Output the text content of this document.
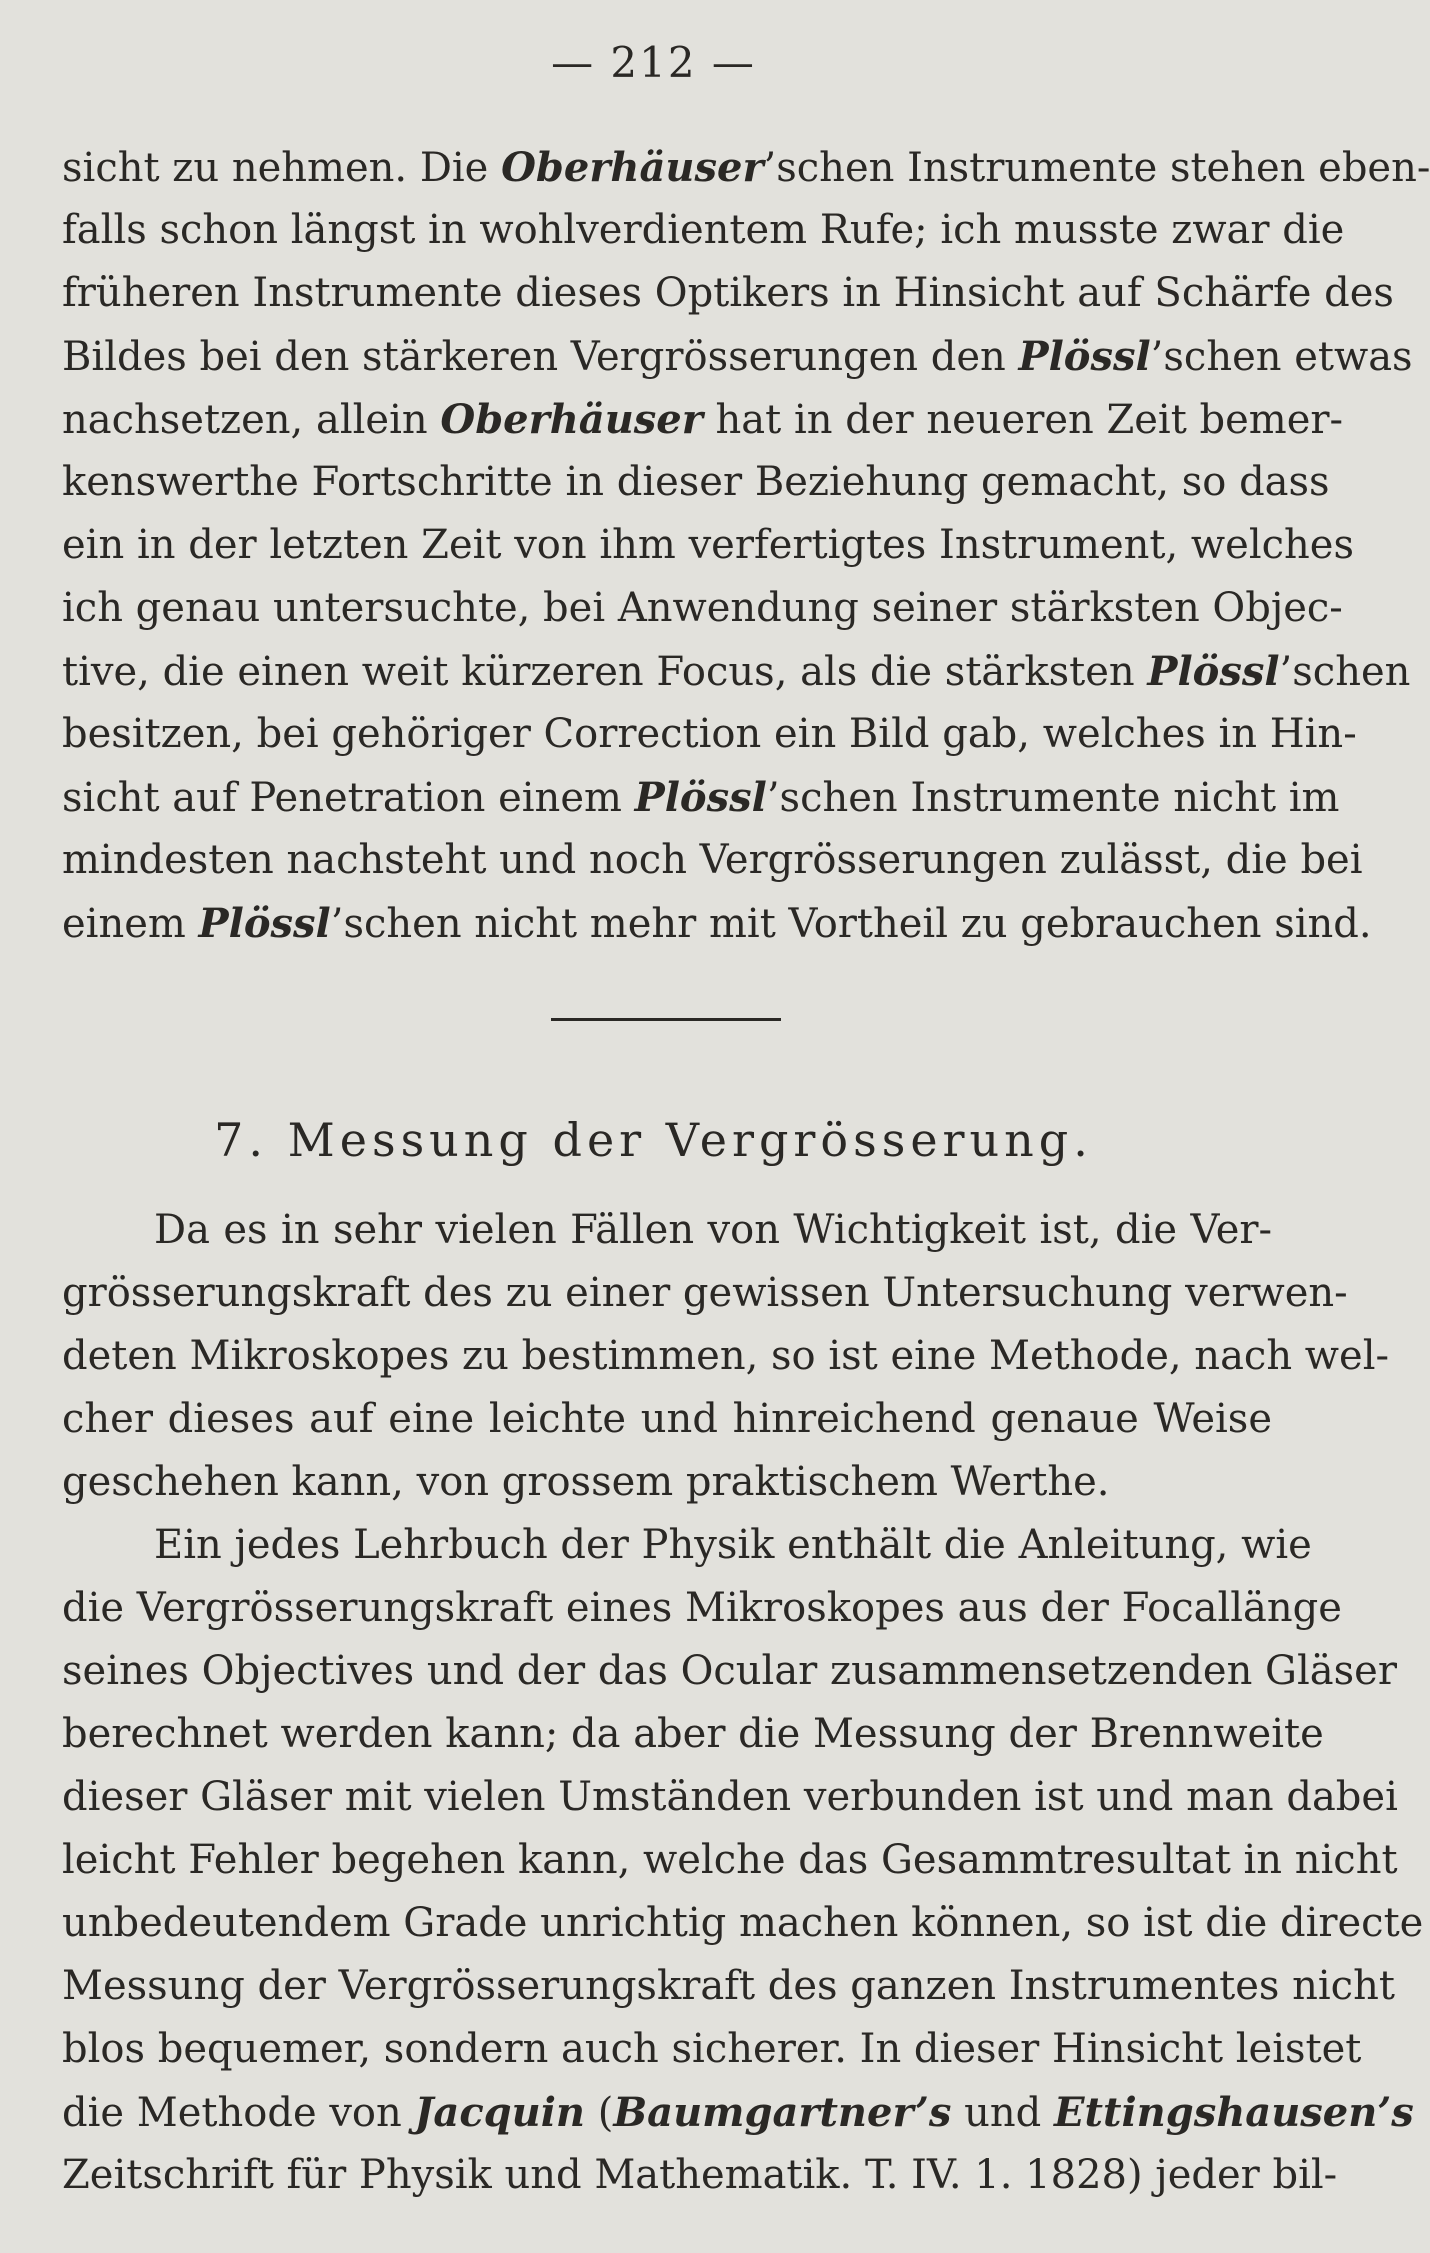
— 212 —
sicht zu nehmen. Die Oberhäuser’schen Instrumente stehen eben-
falls schon längst in wohlverdientem Rufe; ich musste zwar die
früheren Instrumente dieses Optikers in Hinsicht auf Schärfe des
Bildes bei den stärkeren Vergrösserungen den Plössl’schen etwas
nachsetzen, allein Oberhäuser hat in der neueren Zeit bemer-
kenswerthe Fortschritte in dieser Beziehung gemacht, so dass
ein in der letzten Zeit von ihm verfertigtes Instrument, welches
ich genau untersuchte, bei Anwendung seiner stärksten Objec-
tive, die einen weit kürzeren Focus, als die stärksten Plössl’schen
besitzen, bei gehöriger Correction ein Bild gab, welches in Hin-
sicht auf Penetration einem Plössl’schen Instrumente nicht im
mindesten nachsteht und noch Vergrösserungen zulässt, die bei
einem Plössl’schen nicht mehr mit Vortheil zu gebrauchen sind.
7. Messung der Vergrösserung.
Da es in sehr vielen Fällen von Wichtigkeit ist, die Ver-
grösserungskraft des zu einer gewissen Untersuchung verwen-
deten Mikroskopes zu bestimmen, so ist eine Methode, nach wel-
cher dieses auf eine leichte und hinreichend genaue Weise
geschehen kann, von grossem praktischem Werthe.
Ein jedes Lehrbuch der Physik enthält die Anleitung, wie
die Vergrösserungskraft eines Mikroskopes aus der Focallänge
seines Objectives und der das Ocular zusammensetzenden Gläser
berechnet werden kann; da aber die Messung der Brennweite
dieser Gläser mit vielen Umständen verbunden ist und man dabei
leicht Fehler begehen kann, welche das Gesammtresultat in nicht
unbedeutendem Grade unrichtig machen können, so ist die directe
Messung der Vergrösserungskraft des ganzen Instrumentes nicht
blos bequemer, sondern auch sicherer. In dieser Hinsicht leistet
die Methode von Jacquin (Baumgartner’s und Ettingshausen’s
Zeitschrift für Physik und Mathematik. T. IV. 1. 1828) jeder bil-
